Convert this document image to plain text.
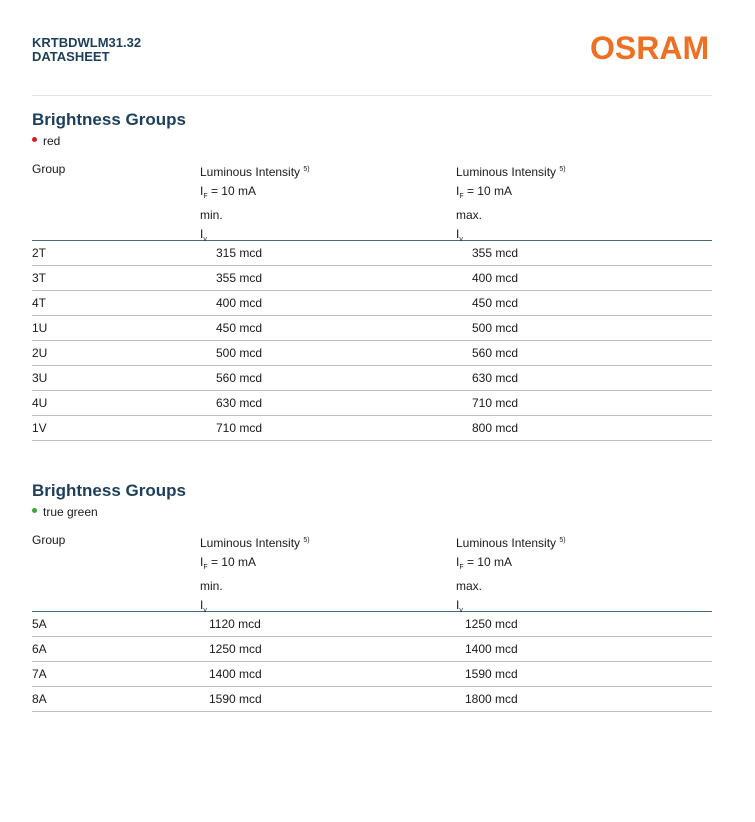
KRTBDWLM31.32
DATASHEET	OSRAM
Brightness Groups
red
Group	Luminous Intensity $^{5)}$
$I_F = 10$ mA
min.
$I_v$
Luminous Intensity $^{5)}$
$I_F = 10$ mA
max.
$I_v$
2T	315 mcd	355 mcd
3T	355 mcd	400 mcd
4T	400 mcd	450 mcd
1U	450 mcd	500 mcd
2U	500 mcd	560 mcd
3U	560 mcd	630 mcd
4U	630 mcd	710 mcd
1V	710 mcd	800 mcd
Brightness Groups
true green
Group	Luminous Intensity $^{5)}$
$I_F = 10$ mA
min.
$I_v$
Luminous Intensity $^{5)}$
$I_F = 10$ mA
max.
$I_v$
5A	1120 mcd	1250 mcd
6A	1250 mcd	1400 mcd
7A	1400 mcd	1590 mcd
8A	1590 mcd	1800 mcd
